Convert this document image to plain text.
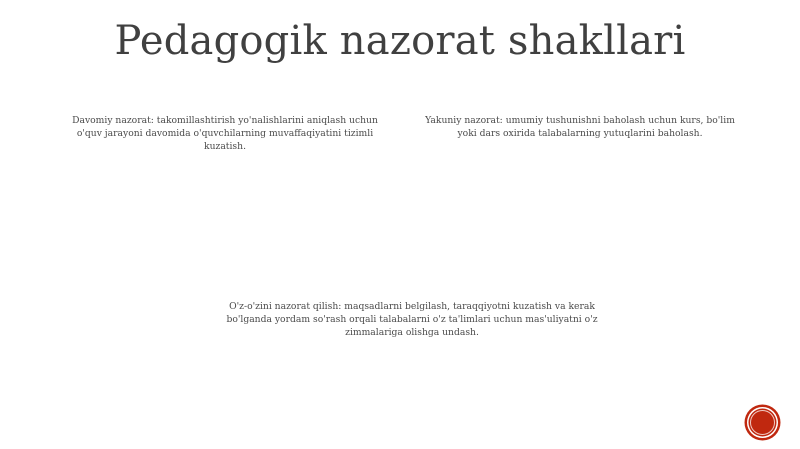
Pedagogik nazorat shakllari

Davomiy nazorat: takomillashtirish yo'nalishlarini aniqlash uchun o'quv jarayoni davomida o'quvchilarning muvaffaqiyatini tizimli kuzatish.

Yakuniy nazorat: umumiy tushunishni baholash uchun kurs, bo'lim yoki dars oxirida talabalarning yutuqlarini baholash.

O'z-o'zini nazorat qilish: maqsadlarni belgilash, taraqqiyotni kuzatish va kerak bo'lganda yordam so'rash orqali talabalarni o'z ta'limlari uchun mas'uliyatni o'z zimmalariga olishga undash.
